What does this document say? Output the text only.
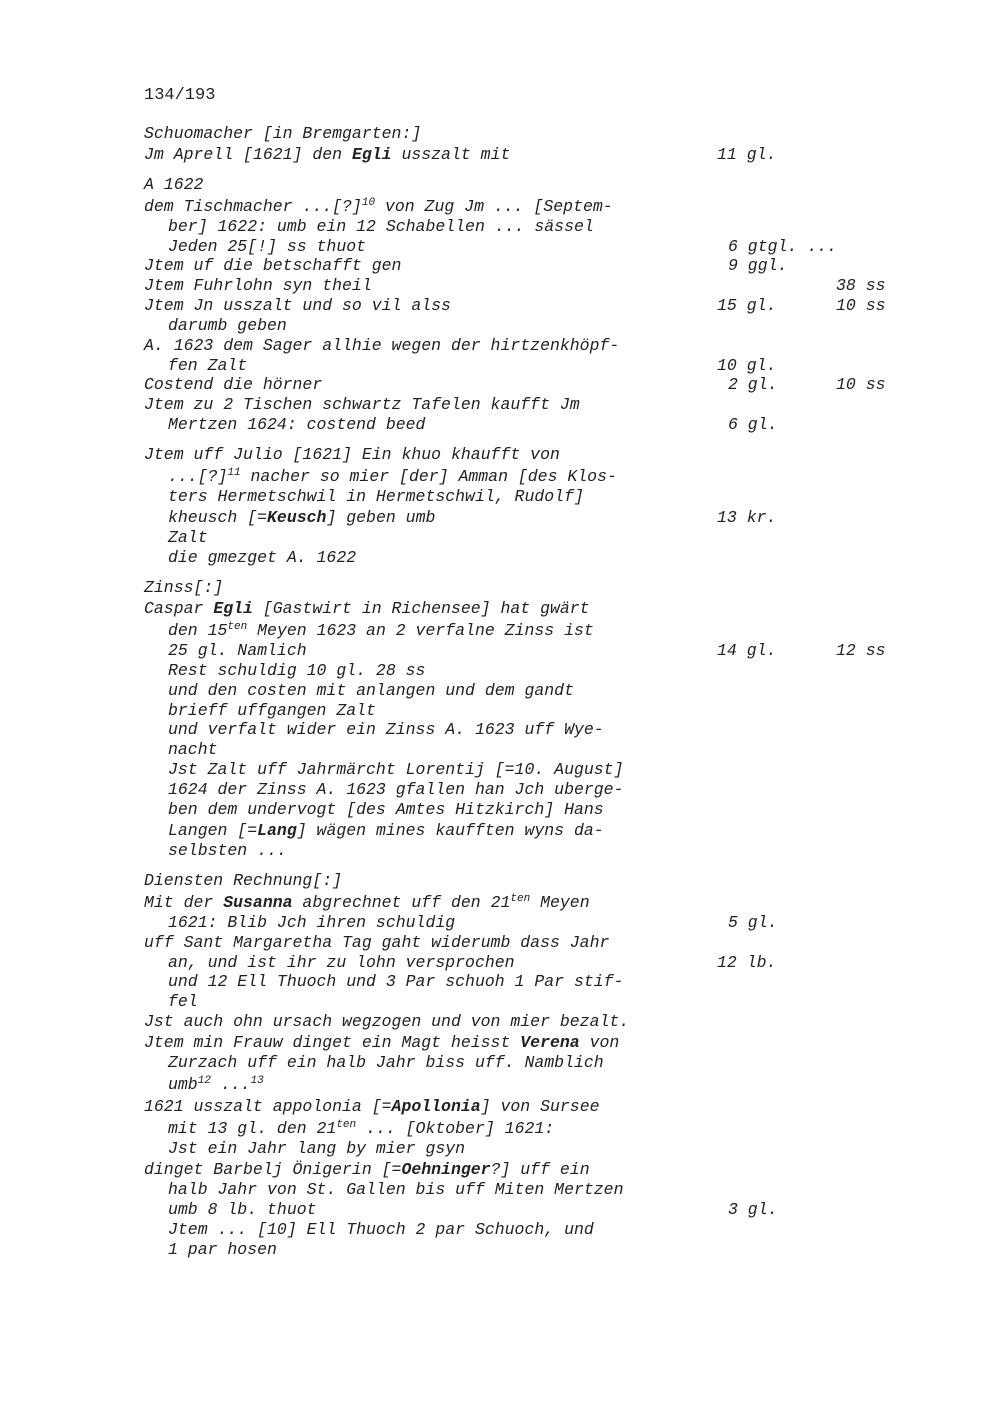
134/193
Schuomacher [in Bremgarten:]
Jm Aprell [1621] den Egli usszalt mit	11 gl.
A 1622
dem Tischmacher ...[?]$^{10}$ von Zug Jm ... [Septem-
ber] 1622: umb ein 12 Schabellen ... sässel
Jeden 25[!] ss thuot	6 gtgl. ...
Jtem uf die betschafft gen	9 ggl.
Jtem Fuhrlohn syn theil	38 ss
Jtem Jn usszalt und so vil alss	15 gl.	10 ss
darumb geben
A. 1623 dem Sager allhie wegen der hirtzenkhöpf-
fen Zalt	10 gl.
Costend die hörner	2 gl.	10 ss
Jtem zu 2 Tischen schwartz Tafelen kaufft Jm
Mertzen 1624: costend beed	6 gl.
Jtem uff Julio [1621] Ein khuo khaufft von
...[?]$^{11}$ nacher so mier [der] Amman [des Klos-
ters Hermetschwil in Hermetschwil, Rudolf]
kheusch [=Keusch] geben umb	13 kr.
Zalt
die gmezget A. 1622
Zinss[:]
Caspar Egli [Gastwirt in Richensee] hat gwärt
den $15^{ten}$ Meyen 1623 an 2 verfalne Zinss ist
25 gl. Namlich	14 gl.	12 ss
Rest schuldig 10 gl. 28 ss
und den costen mit anlangen und dem gandt
brieff uffgangen Zalt
und verfalt wider ein Zinss A. 1623 uff Wye-
nacht
Jst Zalt uff Jahrmärcht Lorentij [=10. August]
1624 der Zinss A. 1623 gfallen han Jch uberge-
ben dem undervogt [des Amtes Hitzkirch] Hans
Langen [=Lang] wägen mines kaufften wyns da-
selbsten ...
Diensten Rechnung[:]
Mit der Susanna abgrechnet uff den $21^{ten}$ Meyen
1621: Blib Jch ihren schuldig	5 gl.
uff Sant Margaretha Tag gaht widerumb dass Jahr
an, und ist ihr zu lohn versprochen	12 lb.
und 12 Ell Thuoch und 3 Par schuoh 1 Par stif-
fel
Jst auch ohn ursach wegzogen und von mier bezalt.
Jtem min Frauw dinget ein Magt heisst Verena von
Zurzach uff ein halb Jahr biss uff. Namblich
umb$^{12}$ ...$^{13}$
1621 usszalt appolonia [=Apollonia] von Sursee
mit 13 gl. den $21^{ten}$ ... [Oktober] 1621:
Jst ein Jahr lang by mier gsyn
dinget Barbelj Önigerin [=Oehninger?] uff ein
halb Jahr von St. Gallen bis uff Miten Mertzen
umb 8 lb. thuot	3 gl.
Jtem ... [10] Ell Thuoch 2 par Schuoch, und
1 par hosen
